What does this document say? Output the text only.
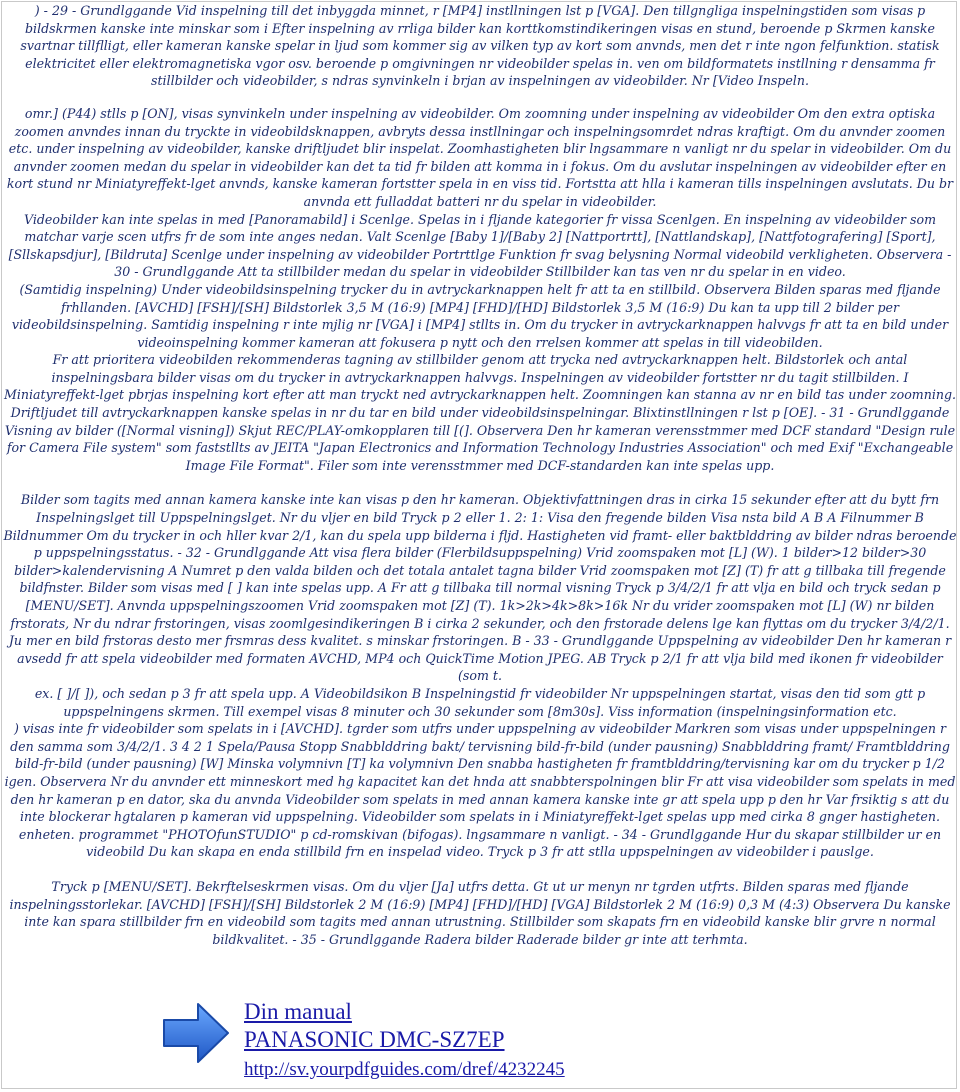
) - 29 - Grundlggande Vid inspelning till det inbyggda minnet, r [MP4] instllningen lst p [VGA]. Den tillgngliga inspelningstiden som visas p bildskrmen kanske inte minskar som i Efter inspelning av rrliga bilder kan korttkomstindikeringen visas en stund, beroende p Skrmen kanske svartnar tillflligt, eller kameran kanske spelar in ljud som kommer sig av vilken typ av kort som anvnds, men det r inte ngon felfunktion. statisk elektricitet eller elektromagnetiska vgor osv. beroende p omgivningen nr videobilder spelas in. ven om bildformatets instllning r densamma fr stillbilder och videobilder, s ndras synvinkeln i brjan av inspelningen av videobilder. Nr [Video Inspeln.

omr.] (P44) stlls p [ON], visas synvinkeln under inspelning av videobilder. Om zoomning under inspelning av videobilder Om den extra optiska zoomen anvndes innan du tryckte in videobildsknappen, avbryts dessa instllningar och inspelningsomrdet ndras kraftigt. Om du anvnder zoomen etc. under inspelning av videobilder, kanske driftljudet blir inspelat. Zoomhastigheten blir lngsammare n vanligt nr du spelar in videobilder. Om du anvnder zoomen medan du spelar in videobilder kan det ta tid fr bilden att komma in i fokus. Om du avslutar inspelningen av videobilder efter en kort stund nr Miniatyreffekt-lget anvnds, kanske kameran fortstter spela in en viss tid. Fortstta att hlla i kameran tills inspelningen avslutats. Du br anvnda ett fulladdat batteri nr du spelar in videobilder.

Videobilder kan inte spelas in med [Panoramabild] i Scenlge. Spelas in i fljande kategorier fr vissa Scenlgen. En inspelning av videobilder som matchar varje scen utfrs fr de som inte anges nedan. Valt Scenlge [Baby 1]/[Baby 2] [Nattportrtt], [Nattlandskap], [Nattfotografering] [Sport], [Sllskapsdjur], [Bildruta] Scenlge under inspelning av videobilder Portrttlge Funktion fr svag belysning Normal videobild verkligheten. Observera - 30 - Grundlggande Att ta stillbilder medan du spelar in videobilder Stillbilder kan tas ven nr du spelar in en video.

(Samtidig inspelning) Under videobildsinspelning trycker du in avtryckarknappen helt fr att ta en stillbild. Observera Bilden sparas med fljande frhllanden. [AVCHD] [FSH]/[SH] Bildstorlek 3,5 M (16:9) [MP4] [FHD]/[HD] Bildstorlek 3,5 M (16:9) Du kan ta upp till 2 bilder per videobildsinspelning. Samtidig inspelning r inte mjlig nr [VGA] i [MP4] stllts in. Om du trycker in avtryckarknappen halvvgs fr att ta en bild under videoinspelning kommer kameran att fokusera p nytt och den rrelsen kommer att spelas in till videobilden.

Fr att prioritera videobilden rekommenderas tagning av stillbilder genom att trycka ned avtryckarknappen helt. Bildstorlek och antal inspelningsbara bilder visas om du trycker in avtryckarknappen halvvgs. Inspelningen av videobilder fortstter nr du tagit stillbilden. I Miniatyreffekt-lget pbrjas inspelning kort efter att man tryckt ned avtryckarknappen helt. Zoomningen kan stanna av nr en bild tas under zoomning. Driftljudet till avtryckarknappen kanske spelas in nr du tar en bild under videobildsinspelningar. Blixtinstllningen r lst p [OE]. - 31 - Grundlggande Visning av bilder ([Normal visning]) Skjut REC/PLAY-omkopplaren till [(]. Observera Den hr kameran verensstmmer med DCF standard "Design rule for Camera File system" som faststllts av JEITA "Japan Electronics and Information Technology Industries Association" och med Exif "Exchangeable Image File Format". Filer som inte verensstmmer med DCF-standarden kan inte spelas upp.

Bilder som tagits med annan kamera kanske inte kan visas p den hr kameran. Objektivfattningen dras in cirka 15 sekunder efter att du bytt frn Inspelningslget till Uppspelningslget. Nr du vljer en bild Tryck p 2 eller 1. 2: 1: Visa den fregende bilden Visa nsta bild A B A Filnummer B Bildnummer Om du trycker in och hller kvar 2/1, kan du spela upp bilderna i fljd. Hastigheten vid framt- eller baktblddring av bilder ndras beroende p uppspelningsstatus. - 32 - Grundlggande Att visa flera bilder (Flerbildsuppspelning) Vrid zoomspaken mot [L] (W). 1 bilder>12 bilder>30 bilder>kalendervisning A Numret p den valda bilden och det totala antalet tagna bilder Vrid zoomspaken mot [Z] (T) fr att g tillbaka till fregende bildfnster. Bilder som visas med [ ] kan inte spelas upp. A Fr att g tillbaka till normal visning Tryck p 3/4/2/1 fr att vlja en bild och tryck sedan p [MENU/SET]. Anvnda uppspelningszoomen Vrid zoomspaken mot [Z] (T). 1k>2k>4k>8k>16k Nr du vrider zoomspaken mot [L] (W) nr bilden frstorats, Nr du ndrar frstoringen, visas zoomlgesindikeringen B i cirka 2 sekunder, och den frstorade delens lge kan flyttas om du trycker 3/4/2/1. Ju mer en bild frstoras desto mer frsmras dess kvalitet. s minskar frstoringen. B - 33 - Grundlggande Uppspelning av videobilder Den hr kameran r avsedd fr att spela videobilder med formaten AVCHD, MP4 och QuickTime Motion JPEG. AB Tryck p 2/1 fr att vlja bild med ikonen fr videobilder (som t.

ex. [ ]/[ ]), och sedan p 3 fr att spela upp. A Videobildsikon B Inspelningstid fr videobilder Nr uppspelningen startat, visas den tid som gtt p uppspelningens skrmen. Till exempel visas 8 minuter och 30 sekunder som [8m30s]. Viss information (inspelningsinformation etc.

) visas inte fr videobilder som spelats in i [AVCHD]. tgrder som utfrs under uppspelning av videobilder Markren som visas under uppspelningen r den samma som 3/4/2/1. 3 4 2 1 Spela/Pausa Stopp Snabblddring bakt/ tervisning bild-fr-bild (under pausning) Snabblddring framt/ Framtblddring bild-fr-bild (under pausning) [W] Minska volymnivn [T] ka volymnivn Den snabba hastigheten fr framtblddring/tervisning kar om du trycker p 1/2 igen. Observera Nr du anvnder ett minneskort med hg kapacitet kan det hnda att snabbterspolningen blir Fr att visa videobilder som spelats in med den hr kameran p en dator, ska du anvnda Videobilder som spelats in med annan kamera kanske inte gr att spela upp p den hr Var frsiktig s att du inte blockerar hgtalaren p kameran vid uppspelning. Videobilder som spelats in i Miniatyreffekt-lget spelas upp med cirka 8 gnger hastigheten. enheten. programmet "PHOTOfunSTUDIO" p cd-romskivan (bifogas). lngsammare n vanligt. - 34 - Grundlggande Hur du skapar stillbilder ur en videobild Du kan skapa en enda stillbild frn en inspelad video. Tryck p 3 fr att stlla uppspelningen av videobilder i pauslge.

Tryck p [MENU/SET]. Bekrftelseskrmen visas. Om du vljer [Ja] utfrs detta. Gt ut ur menyn nr tgrden utfrts. Bilden sparas med fljande inspelningsstorlekar. [AVCHD] [FSH]/[SH] Bildstorlek 2 M (16:9) [MP4] [FHD]/[HD] [VGA] Bildstorlek 2 M (16:9) 0,3 M (4:3) Observera Du kanske inte kan spara stillbilder frn en videobild som tagits med annan utrustning. Stillbilder som skapats frn en videobild kanske blir grvre n normal bildkvalitet. - 35 - Grundlggande Radera bilder Raderade bilder gr inte att terhmta.

Din manual
PANASONIC DMC-SZ7EP
http://sv.yourpdfguides.com/dref/4232245
